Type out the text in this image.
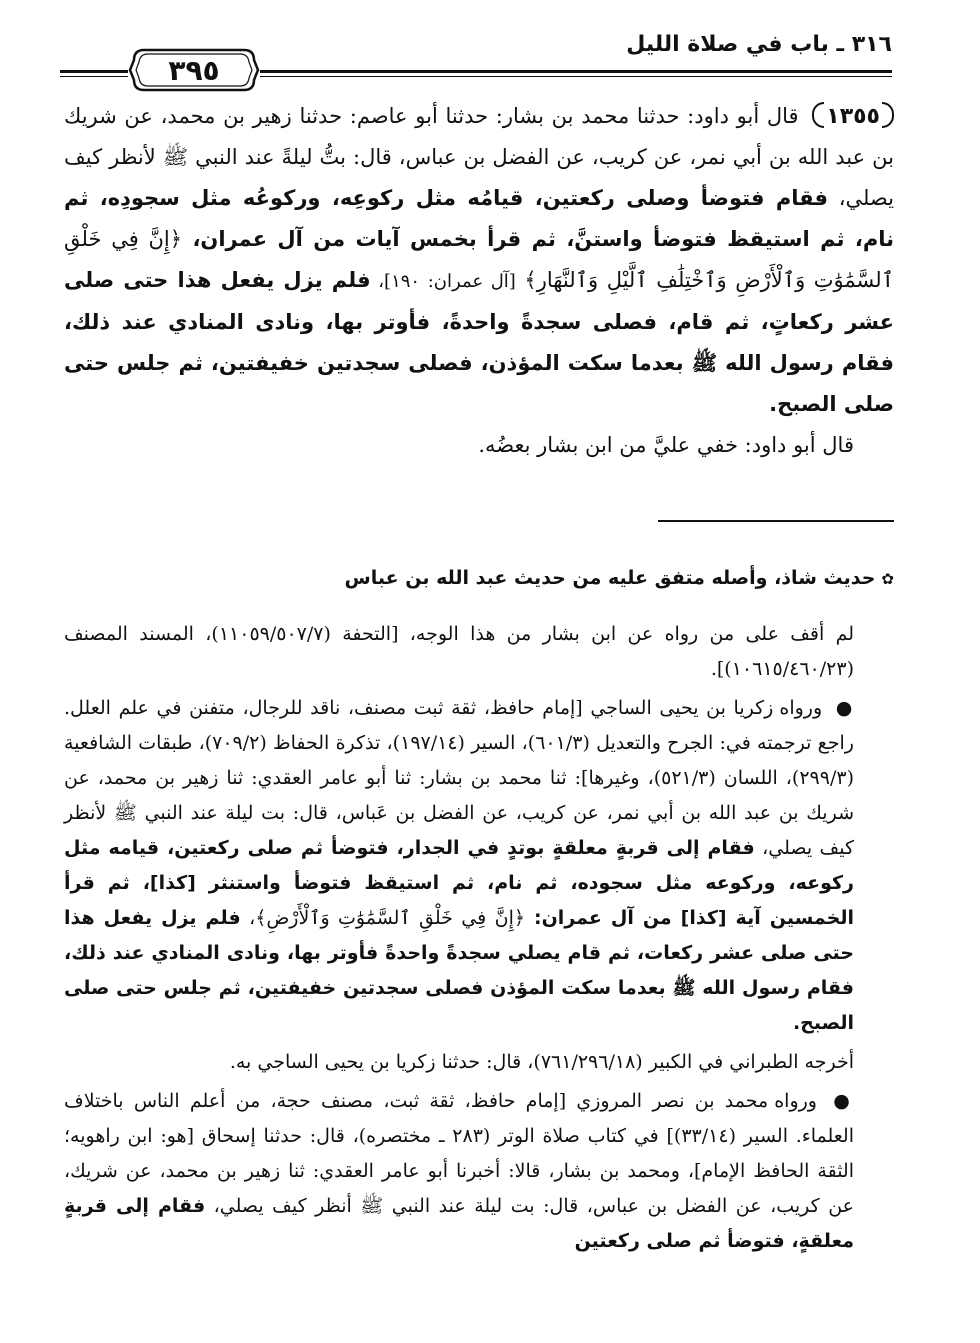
٣١٦ ـ باب في صلاة الليل
٣٩٥

١٣٥٥ قال أبو داود: حدثنا محمد بن بشار: حدثنا أبو عاصم: حدثنا زهير بن محمد، عن شريك بن عبد الله بن أبي نمر، عن كريب، عن الفضل بن عباس، قال: بتُّ ليلةً عند النبي ﷺ لأنظر كيف يصلي، فقام فتوضأ وصلى ركعتين، قيامُه مثل ركوعِه، وركوعُه مثل سجودِه، ثم نام، ثم استيقظ فتوضأ واستنَّ، ثم قرأ بخمس آيات من آل عمران، ﴿إِنَّ فِي خَلْقِ ٱلسَّمَٰوَٰتِ وَٱلْأَرْضِ وَٱخْتِلَٰفِ ٱلَّيْلِ وَٱلنَّهَارِ﴾ [آل عمران: ١٩٠]، فلم يزل يفعل هذا حتى صلى عشر ركعاتٍ، ثم قام، فصلى سجدةً واحدةً، فأوتر بها، ونادى المنادي عند ذلك، فقام رسول الله ﷺ بعدما سكت المؤذن، فصلى سجدتين خفيفتين، ثم جلس حتى صلى الصبح.

قال أبو داود: خفي عليَّ من ابن بشار بعضُه.

✿حديث شاذ، وأصله متفق عليه من حديث عبد الله بن عباس

لم أقف على من رواه عن ابن بشار من هذا الوجه، [التحفة (١١٠٥٩/٥٠٧/٧)، المسند المصنف (١٠٦١٥/٤٦٠/٢٣)].

● ورواه زكريا بن يحيى الساجي [إمام حافظ، ثقة ثبت مصنف، ناقد للرجال، متفنن في علم العلل. راجع ترجمته في: الجرح والتعديل (٦٠١/٣)، السير (١٩٧/١٤)، تذكرة الحفاظ (٧٠٩/٢)، طبقات الشافعية (٢٩٩/٣)، اللسان (٥٢١/٣)، وغيرها]: ثنا محمد بن بشار: ثنا أبو عامر العقدي: ثنا زهير بن محمد، عن شريك بن عبد الله بن أبي نمر، عن كريب، عن الفضل بن عَباس، قال: بت ليلة عند النبي ﷺ لأنظر كيف يصلي، فقام إلى قربةٍ معلقةٍ بوتدٍ في الجدار، فتوضأ ثم صلى ركعتين، قيامه مثل ركوعه، وركوعه مثل سجوده، ثم نام، ثم استيقظ فتوضأ واستنثر [كذا]، ثم قرأ الخمسين آية [كذا] من آل عمران: ﴿إِنَّ فِي خَلْقِ ٱلسَّمَٰوَٰتِ وَٱلْأَرْضِ﴾، فلم يزل يفعل هذا حتى صلى عشر ركعات، ثم قام يصلي سجدةً واحدةً فأوتر بها، ونادى المنادي عند ذلك، فقام رسول الله ﷺ بعدما سكت المؤذن فصلى سجدتين خفيفتين، ثم جلس حتى صلى الصبح.

أخرجه الطبراني في الكبير (٧٦١/٢٩٦/١٨)، قال: حدثنا زكريا بن يحيى الساجي به.

● ورواه محمد بن نصر المروزي [إمام حافظ، ثقة ثبت، مصنف حجة، من أعلم الناس باختلاف العلماء. السير (٣٣/١٤)] في كتاب صلاة الوتر (٢٨٣ ـ مختصره)، قال: حدثنا إسحاق [هو: ابن راهويه؛ الثقة الحافظ الإمام]، ومحمد بن بشار، قالا: أخبرنا أبو عامر العقدي: ثنا زهير بن محمد، عن شريك، عن كريب، عن الفضل بن عباس، قال: بت ليلة عند النبي ﷺ أنظر كيف يصلي، فقام إلى قربةٍ معلقةٍ، فتوضأ ثم صلى ركعتين
